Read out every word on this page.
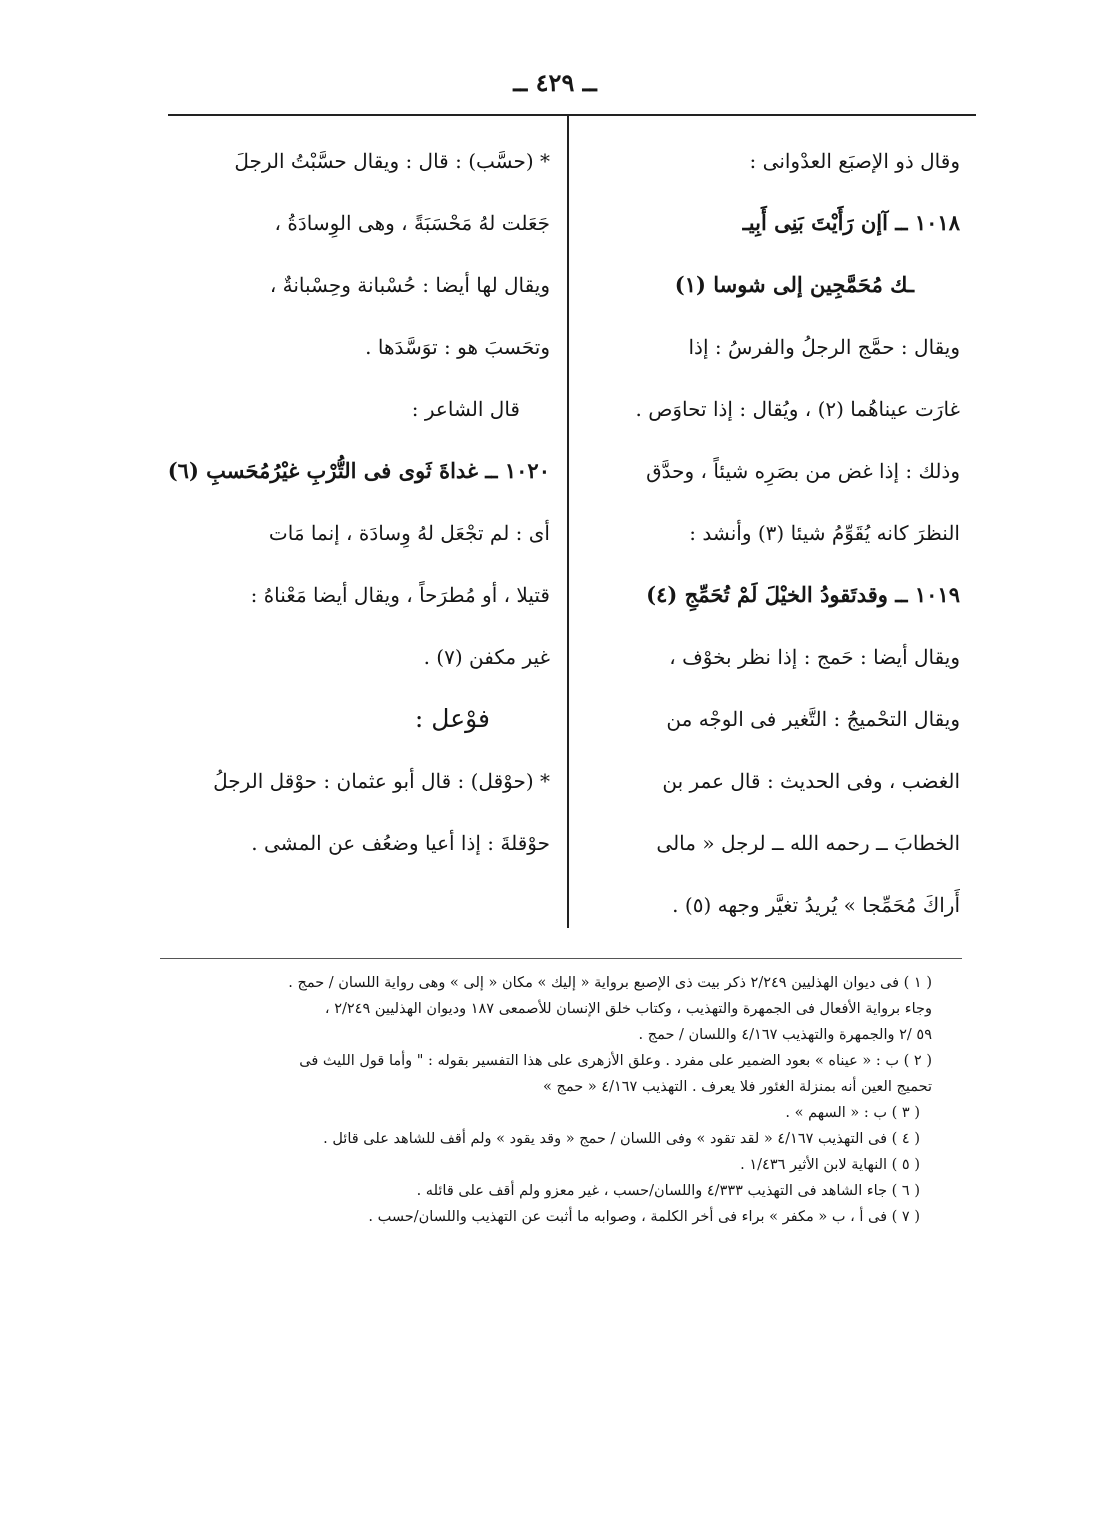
ــ ٤٢٩ ــ
وقال ذو الإصبَع العدْوانى :
١٠١٨ ــ آإن رَأَيْتَ بَنِى أَبِيـ
ـك مُحَمَّجِين إلى شوسا (١)
ويقال : حمَّج الرجلُ والفرسُ : إذا
غارَت عيناهُما (٢) ، ويُقال : إذا تحاوَص .
وذلك : إذا غض من بصَرِه شيئاً ، وحدَّق
النظرَ كانه يُقَوِّمُ شيئا (٣) وأنشد :
١٠١٩ ــ وقدتَقودُ الخيْلَ لَمْ تُحَمِّجِ (٤)
ويقال أيضا : حَمج : إذا نظر بخوْف ،
ويقال التحْميجُ : التَّغير فى الوجْه من
الغضب ، وفى الحديث : قال عمر بن
الخطابَ ــ رحمه الله ــ لرجل « مالى
أَراكَ مُحَمِّجا » يُريدُ تغيَّر وجهه (٥) .
* (حسَّب) : قال : ويقال حسَّبْتُ الرجلَ
جَعَلت لهُ مَحْسَبَةً ، وهى الوِسادَةُ ،
ويقال لها أيضا : حُسْبانة وحِسْبانةٌ ،
وتحَسبَ هو : توَسَّدَها .
قال الشاعر :
١٠٢٠ ــ غداةَ ثَوى فى التُّرْبِ غيْرُمُحَسبِ (٦)
أى : لم تجْعَل لهُ وِسادَة ، إنما مَات
قتيلا ، أو مُطرَحاً ، ويقال أيضا مَعْناهُ :
غير مكفن (٧) .
فوْعل :
* (حوْقل) : قال أبو عثمان : حوْقل الرجلُ
حوْقلةَ : إذا أعيا وضعُف عن المشى .
( ١ ) فى ديوان الهذليين ٢/٢٤٩ ذكر بيت ذى الإصبع برواية « إليك » مكان « إلى » وهى رواية اللسان / حمج .
وجاء برواية الأفعال فى الجمهرة والتهذيب ، وكتاب خلق الإنسان للأصمعى ١٨٧ وديوان الهذليين ٢/٢٤٩ ،
٥٩ /٢ والجمهرة والتهذيب ٤/١٦٧ واللسان / حمج .
( ٢ ) ب : « عيناه » بعود الضمير على مفرد . وعلق الأزهرى على هذا التفسير بقوله : " وأما قول الليث فى
تحميج العين أنه بمنزلة الغئور فلا يعرف . التهذيب ٤/١٦٧ « حمج »
( ٣ ) ب : « السهم » .
( ٤ ) فى التهذيب ٤/١٦٧ « لقد تقود » وفى اللسان / حمج « وقد يقود » ولم أقف للشاهد على قائل .
( ٥ ) النهاية لابن الأثير ١/٤٣٦ .
( ٦ ) جاء الشاهد فى التهذيب ٤/٣٣٣ واللسان/حسب ، غير معزو ولم أقف على قائله .
( ٧ ) فى أ ، ب « مكفر » براء فى أخر الكلمة ، وصوابه ما أثبت عن التهذيب واللسان/حسب .
